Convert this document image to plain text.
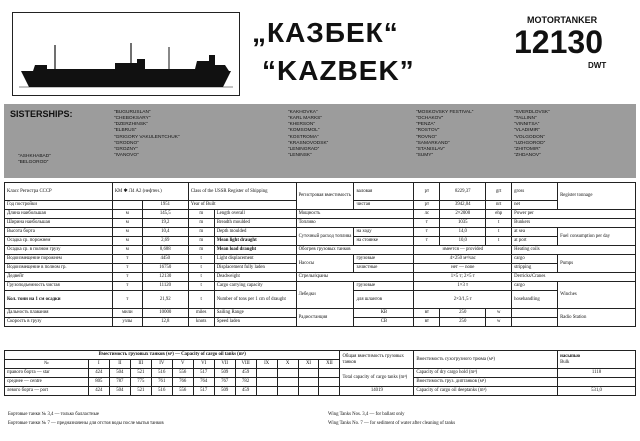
„КАЗБЕК“
“KAZBEK”
MOTORTANKER
12130
DWT
SISTERSHIPS:
“ASHKHABAD”
“BELGOROD”
“BUGURUSLAN”
“CHEBOKSARY”
“DZERZHINSK”
“ELBRUS”
“GRIGORY VAKULENTCHUK”
“GRODNO”
“GROZNY”
“IVANOVO”
“KAKHOVKA”
“KARL MARKS”
“KHERSON”
“KOMSOMOL”
“KOSTROMA”
“KRASNOVODSK”
“LENINGRAD”
“LENINSK”
“MOSKOVSKY FESTIVAL”
“OCHAKOV”
“PENZA”
“ROSTOV”
“ROVNO”
“SAMARKAND”
“STANISLAV”
“SUMY”
“SVERDLOVSK”
“TALLINN”
“VINNITSA”
“VLADIMIR”
“VOLGODON”
“UZHGOROD”
“ZHITOMIR”
“ZHDANOV”
Класс Регистра СССР	КМ ✱ Л4 А2 (нефтен.)		Class of the USSR Register of Shipping		Регистровая вместимость	валовая	рт	8229,37	grt	gross	Register tonnage
Год постройки		1951	Year of Built			чистая	рт	3942,04	nrt	net	
Длина наибольшая	м	145,5	m	Length overall	Мощность		лс	2×2000	ehp	Power per	
Ширина наибольшая	м	19,2	m	Breadth moulded	Топливо		т	1035	t	Bunkers	
Высота борта	м	10,4	m	Depth moulded	Суточный расход топлива	на ходу	т	14,0	t	at sea	Fuel consumption per day
Осадка ср. порожнем	м	2,69	m	Mean light draught		на стоянке	т	10,0	t	at port	
Осадка ср. в полном грузу	м	8,688	m	Mean load draught	Обогрев грузовых танков		имеется — provided			Heating coils	
Водоизмещение порожнем	т	4450	t	Light displacement	Насосы	грузовые	4×250 м³/час			cargo	Pumps
Водоизмещение в полном гр.	т	16750	t	Displacement fully laden		зачистные	нет — none			stripping	
Дедвейт	т	12130	t	Deadweight	Стрелы/краны		1×5 т; 2×5 т			Derricks/Cranes	
Грузоподъемность чистая	т	11120	t	Cargo carrying capacity	Лебедки	грузовые	1×3 т			cargo	Winches
Кол. тонн на 1 см осадки	т	21,92	t	Number of tons per 1 cm of draught		для шлангов	2×3/1,5 т			hosehandling	
Дальность плавания	мили	10000	miles	Sailing Range	Радиостанция	КВ	вт	250	w		Radio Station
Скорость в грузу	узлы	12,8	knots	Speed laden		СВ	вт	250	w		
Вместимость грузовых танков (м³) — Capacity of cargo oil tanks (m³)													Общая вместимость грузовых танков	Вместимость сухогрузного трюма (м³)	насыпью
Bulk
№	I	II	III	IV	V	VI	VII	VIII	IX	X	XI	XII			
правого борта — star	424	504	521	516	556	517	509	459					Total capacity of cargo tanks (m³)	Capacity of dry cargo hold (m³)	1118
среднее — centre	805	787	775	761	766	764	767	782						Вместимость груз. диптанков (м³)	
левого борта — port	424	504	521	516	556	517	509	459					14019	Capacity of cargo oil deeptanks (m³)	531,0
Бортовые танки № 3,4 — только балластные	Wing Tanks Nos. 3,4 — for ballast only
Бортовые танки № 7 — предназначены для отстоя воды после мытья танков	Wing Tanks No. 7 — for sediment of water after cleaning of tanks
